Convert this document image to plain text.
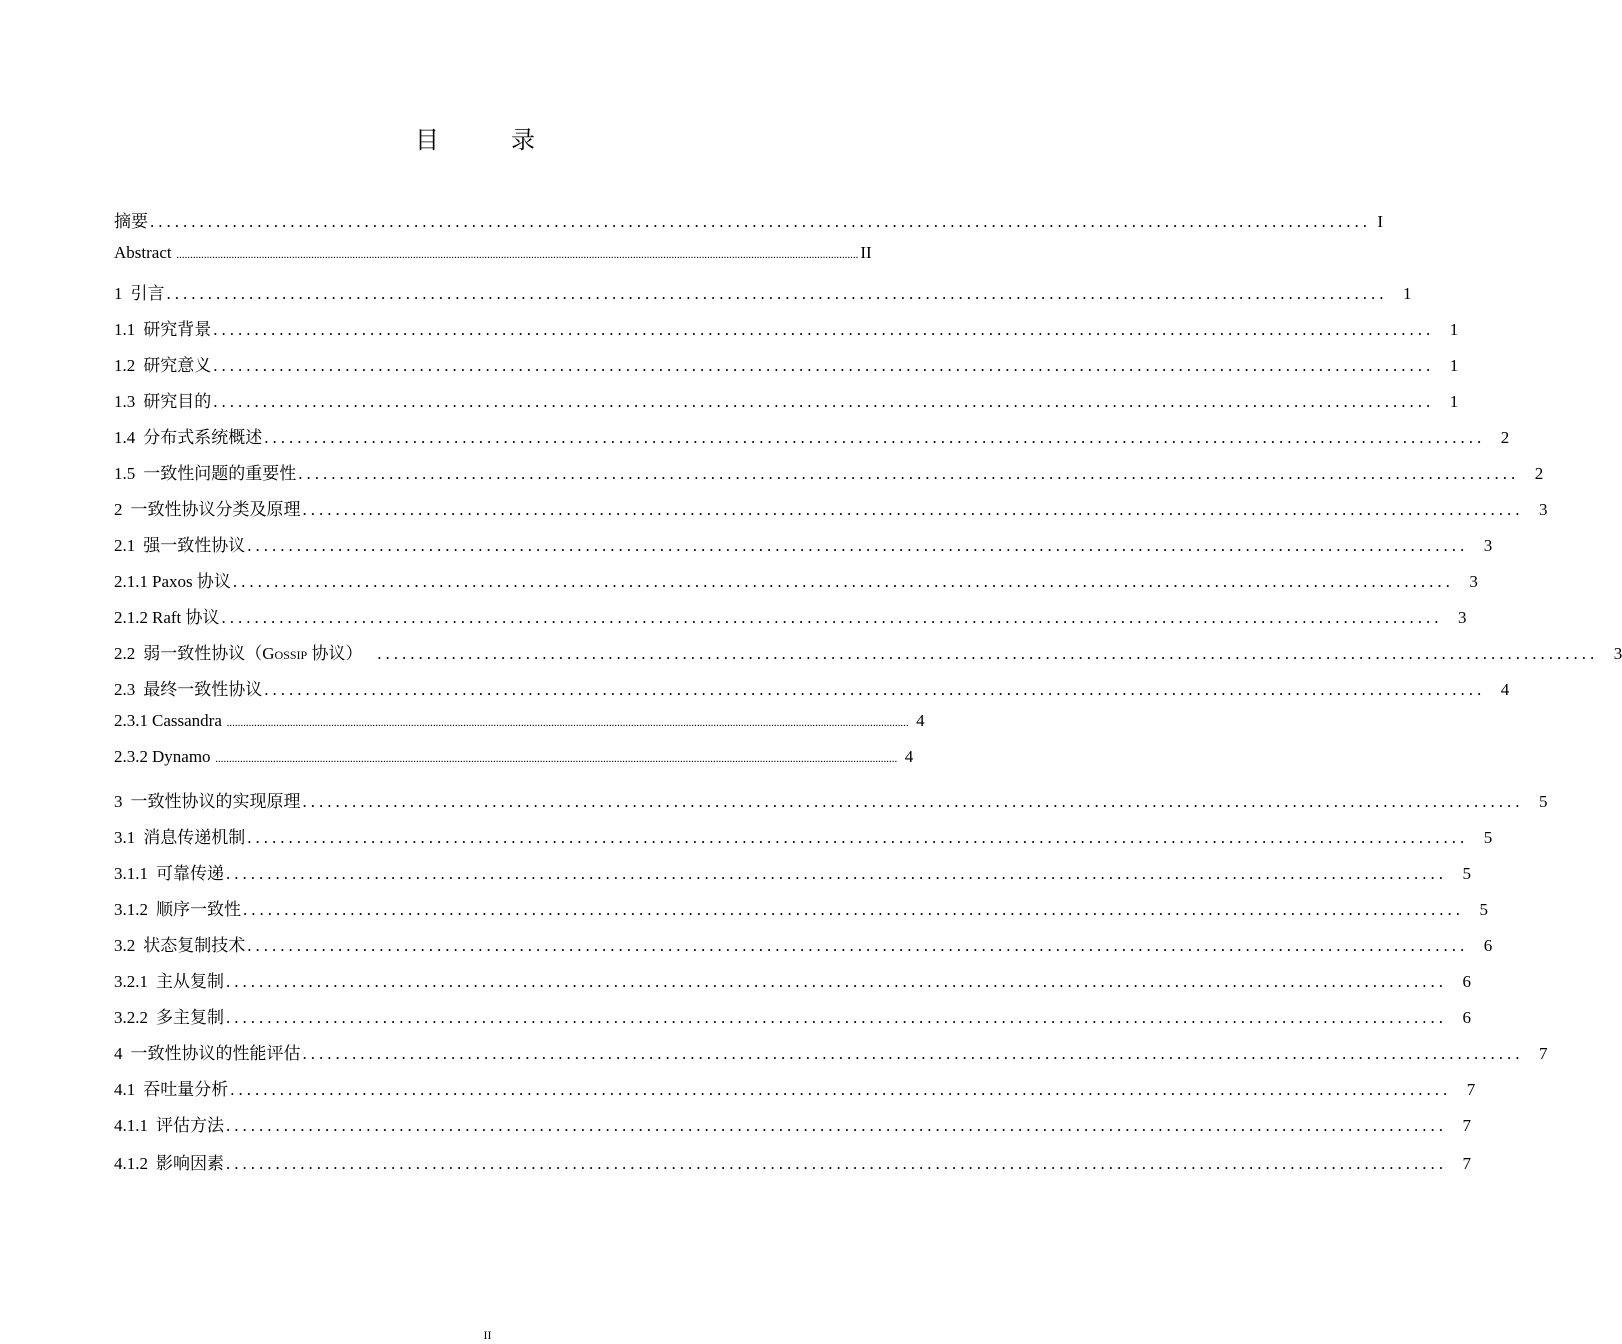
目　录
摘要 .................................................................................................................................................... I
Abstract ........................................................................................................................................................................................................................................................ II
1 引言 .................................................................................................................................................... 1
1.1 研究背景 .................................................................................................................................................... 1
1.2 研究意义 .................................................................................................................................................... 1
1.3 研究目的 .................................................................................................................................................... 1
1.4 分布式系统概述 .................................................................................................................................................... 2
1.5 一致性问题的重要性 .................................................................................................................................................... 2
2 一致性协议分类及原理 .................................................................................................................................................... 3
2.1 强一致性协议 .................................................................................................................................................... 3
2.1.1 Paxos 协议 .................................................................................................................................................... 3
2.1.2 Raft 协议 .................................................................................................................................................... 3
2.2 弱一致性协议（Gossip 协议） .................................................................................................................................................... 3
2.3 最终一致性协议 .................................................................................................................................................... 4
2.3.1 Cassandra ........................................................................................................................................................................................................................................................ 4
2.3.2 Dynamo ........................................................................................................................................................................................................................................................ 4
3 一致性协议的实现原理 .................................................................................................................................................... 5
3.1 消息传递机制 .................................................................................................................................................... 5
3.1.1 可靠传递 .................................................................................................................................................... 5
3.1.2 顺序一致性 .................................................................................................................................................... 5
3.2 状态复制技术 .................................................................................................................................................... 6
3.2.1 主从复制 .................................................................................................................................................... 6
3.2.2 多主复制 .................................................................................................................................................... 6
4 一致性协议的性能评估 .................................................................................................................................................... 7
4.1 吞吐量分析 .................................................................................................................................................... 7
4.1.1 评估方法 .................................................................................................................................................... 7
4.1.2 影响因素 .................................................................................................................................................... 7
II
